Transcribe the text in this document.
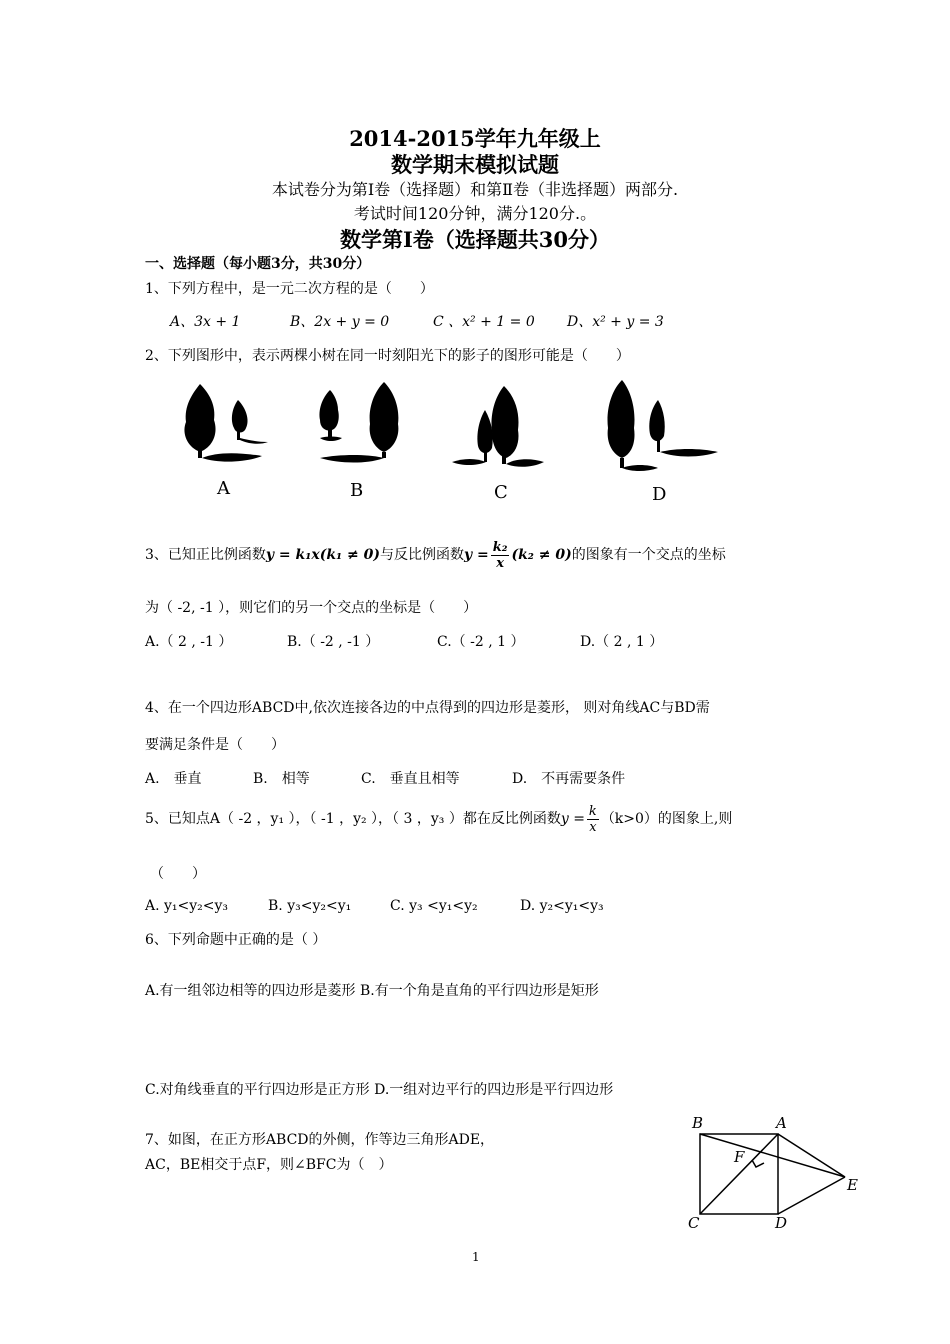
2014-2015学年九年级上
数学期末模拟试题
本试卷分为第Ⅰ卷（选择题）和第Ⅱ卷（非选择题）两部分.
考试时间120分钟，满分120分.。
数学第Ⅰ卷（选择题共30分）
一、选择题（每小题3分，共30分）
1、下列方程中，是一元二次方程的是（　　）
A、3x + 1	B、2x + y = 0	C 、x² + 1 = 0 D、x² + y = 3
2、下列图形中，表示两棵小树在同一时刻阳光下的影子的图形可能是（　　）
A	B	C	D
3、已知正比例函数y = k₁x(k₁ ≠ 0)与反比例函数$y = \frac{\text{k₂}}{x} (k_2 \ne 0)$的图象有一个交点的坐标
为（ -2, -1 ），则它们的另一个交点的坐标是（　　）
A.（ 2 , -1 ）	B.（ -2 , -1 ）	C.（ -2 , 1 ）	D.（ 2 , 1 ）
4、在一个四边形ABCD中,依次连接各边的中点得到的四边形是菱形， 则对角线AC与BD需
要满足条件是（　　）
A.　垂直	B.　相等	C.　垂直且相等	D.　不再需要条件
5、已知点A（ -2 ，y₁ ），（ -1 ，y₂ ），（ 3 ，y₃ ）都在反比例函数$y = \frac{k}{x} (k>0)$的图象上,则
（　　）
A. y₁<y₂<y₃	B. y₃<y₂<y₁	C. y₃ <y₁<y₂	D. y₂<y₁<y₃
6、下列命题中正确的是（ ）
A.有一组邻边相等的四边形是菱形 B.有一个角是直角的平行四边形是矩形
C.对角线垂直的平行四边形是正方形 D.一组对边平行的四边形是平行四边形
7、如图，在正方形ABCD的外侧，作等边三角形ADE，
AC，BE相交于点F，则∠BFC为（　）
B	A
F
E
C	D
1
